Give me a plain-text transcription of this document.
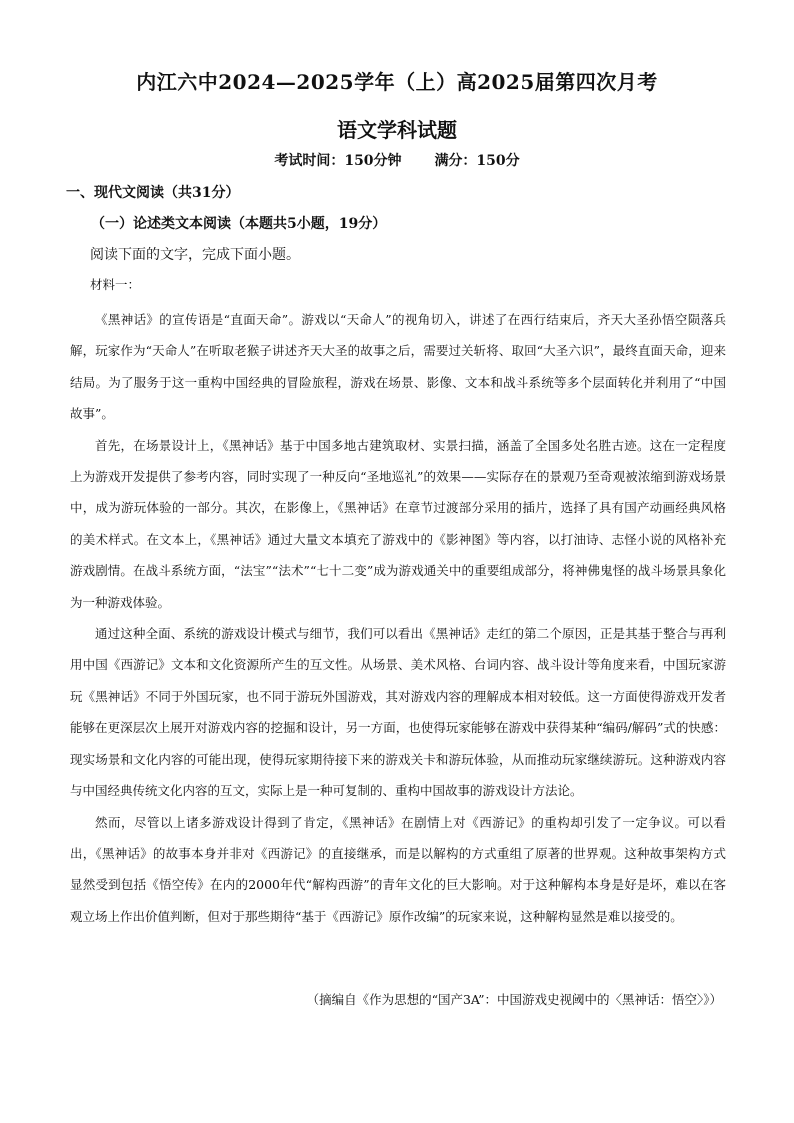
内江六中2024—2025学年（上）高2025届第四次月考
语文学科试题
考试时间：150分钟 满分：150分
一、现代文阅读（共31分）
（一）论述类文本阅读（本题共5小题，19分）
阅读下面的文字，完成下面小题。
材料一：

《黑神话》的宣传语是“直面天命”。游戏以“天命人”的视角切入，讲述了在西行结束后，齐天大圣孙悟空陨落兵解，玩家作为“天命人”在听取老猴子讲述齐天大圣的故事之后，需要过关斩将、取回“大圣六识”，最终直面天命，迎来结局。为了服务于这一重构中国经典的冒险旅程，游戏在场景、影像、文本和战斗系统等多个层面转化并利用了“中国故事”。

首先，在场景设计上，《黑神话》基于中国多地古建筑取材、实景扫描，涵盖了全国多处名胜古迹。这在一定程度上为游戏开发提供了参考内容，同时实现了一种反向“圣地巡礼”的效果——实际存在的景观乃至奇观被浓缩到游戏场景中，成为游玩体验的一部分。其次，在影像上，《黑神话》在章节过渡部分采用的插片，选择了具有国产动画经典风格的美术样式。在文本上，《黑神话》通过大量文本填充了游戏中的《影神图》等内容，以打油诗、志怪小说的风格补充游戏剧情。在战斗系统方面，“法宝”“法术”“七十二变”成为游戏通关中的重要组成部分，将神佛鬼怪的战斗场景具象化为一种游戏体验。

通过这种全面、系统的游戏设计模式与细节，我们可以看出《黑神话》走红的第二个原因，正是其基于整合与再利用中国《西游记》文本和文化资源所产生的互文性。从场景、美术风格、台词内容、战斗设计等角度来看，中国玩家游玩《黑神话》不同于外国玩家，也不同于游玩外国游戏，其对游戏内容的理解成本相对较低。这一方面使得游戏开发者能够在更深层次上展开对游戏内容的挖掘和设计，另一方面，也使得玩家能够在游戏中获得某种“编码/解码”式的快感：现实场景和文化内容的可能出现，使得玩家期待接下来的游戏关卡和游玩体验，从而推动玩家继续游玩。这种游戏内容与中国经典传统文化内容的互文，实际上是一种可复制的、重构中国故事的游戏设计方法论。

然而，尽管以上诸多游戏设计得到了肯定，《黑神话》在剧情上对《西游记》的重构却引发了一定争议。可以看出，《黑神话》的故事本身并非对《西游记》的直接继承，而是以解构的方式重组了原著的世界观。这种故事架构方式显然受到包括《悟空传》在内的2000年代“解构西游”的青年文化的巨大影响。对于这种解构本身是好是坏，难以在客观立场上作出价值判断，但对于那些期待“基于《西游记》原作改编”的玩家来说，这种解构显然是难以接受的。

（摘编自《作为思想的“国产3A”：中国游戏史视阈中的〈黑神话：悟空〉》）
